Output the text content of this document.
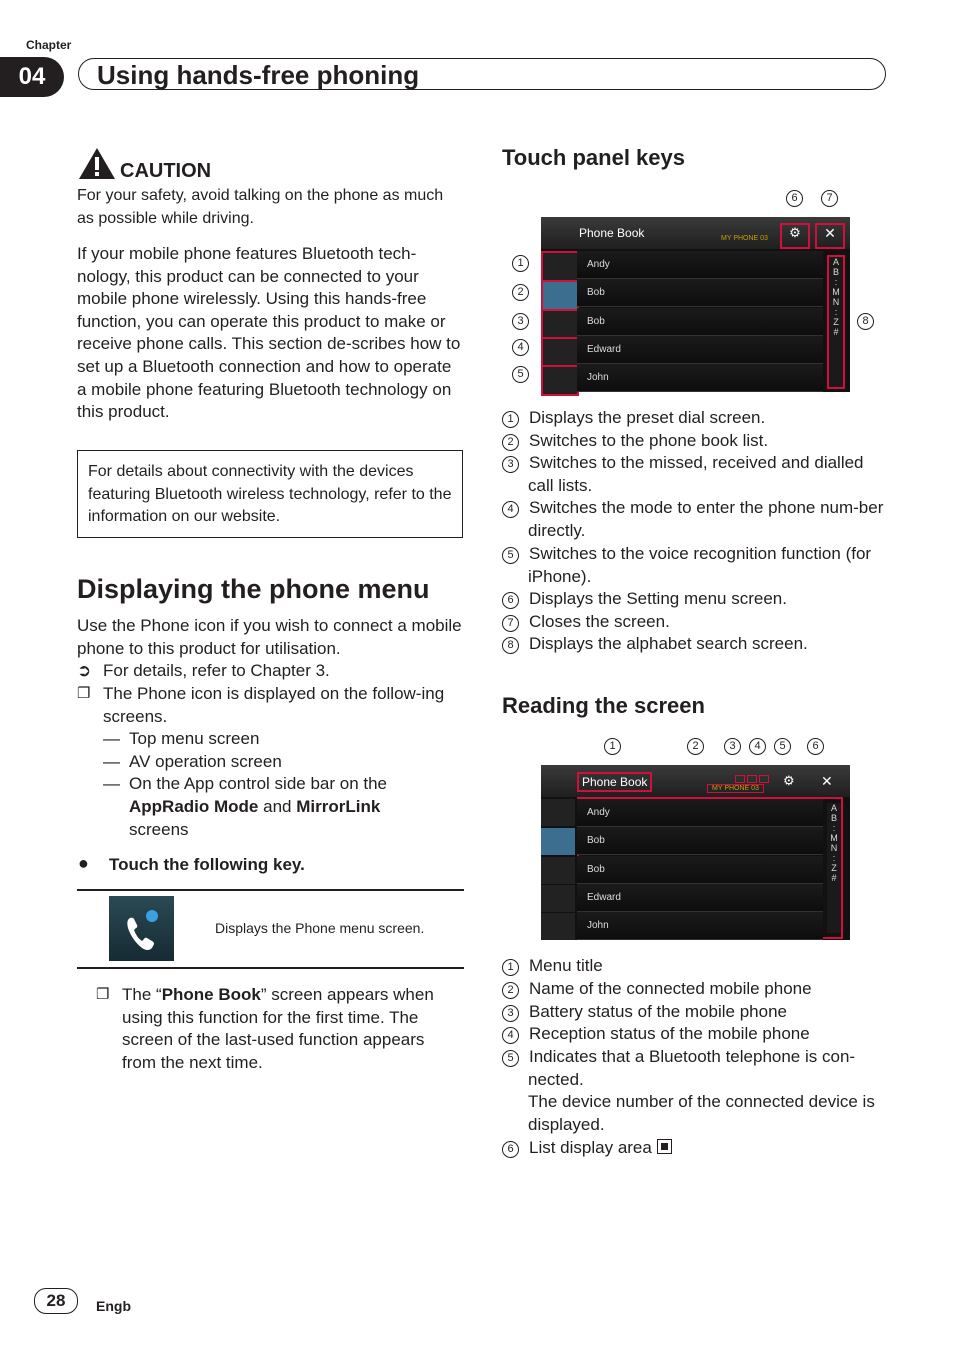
Chapter
04	Using hands-free phoning
CAUTION
For your safety, avoid talking on the phone as much as possible while driving.
If your mobile phone features Bluetooth tech-nology, this product can be connected to your mobile phone wirelessly. Using this hands-free function, you can operate this product to make or receive phone calls. This section de-scribes how to set up a Bluetooth connection and how to operate a mobile phone featuring Bluetooth technology on this product.
For details about connectivity with the devices featuring Bluetooth wireless technology, refer to the information on our website.
Displaying the phone menu
Use the Phone icon if you wish to connect a mobile phone to this product for utilisation.
➲ For details, refer to Chapter 3.
❐ The Phone icon is displayed on the follow-ing screens.
— Top menu screen
— AV operation screen
— On the App control side bar on the
AppRadio Mode and MirrorLink
screens
● Touch the following key.
Displays the Phone menu screen.
❐ The “Phone Book” screen appears when using this function for the first time. The screen of the last-used function appears from the next time.
Touch panel keys
6	7
1
2
3
4
5
8
Phone Book	MY PHONE 03	⚙	✕
Andy
Bob
Bob
Edward
John
A
B
:
M
N
:
Z
#
1 Displays the preset dial screen.
2 Switches to the phone book list.
3 Switches to the missed, received and dialled call lists.
4 Switches the mode to enter the phone num-ber directly.
5 Switches to the voice recognition function (for iPhone).
6 Displays the Setting menu screen.
7 Closes the screen.
8 Displays the alphabet search screen.
Reading the screen
1	2	3	4	5	6
Phone Book	MY PHONE 03
⚙ ✕
Andy
Bob
Bob
Edward
John
A
B
:
M
N
:
Z
#
1 Menu title
2 Name of the connected mobile phone
3 Battery status of the mobile phone
4 Reception status of the mobile phone
5 Indicates that a Bluetooth telephone is con-nected.
The device number of the connected device is displayed.
6 List display area
28	Engb
